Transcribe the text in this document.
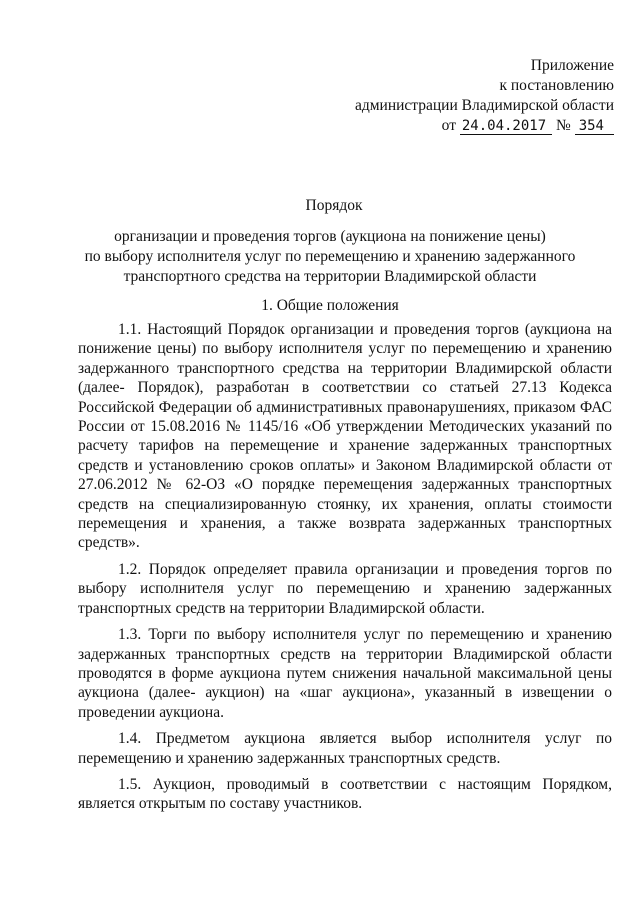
Приложение
к постановлению
администрации Владимирской области
от 24.04.2017 № 354
Порядок
организации и проведения торгов (аукциона на понижение цены)
по выбору исполнителя услуг по перемещению и хранению задержанного
транспортного средства на территории Владимирской области
1. Общие положения

1.1. Настоящий Порядок организации и проведения торгов (аукциона на понижение цены) по выбору исполнителя услуг по перемещению и хранению задержанного транспортного средства на территории Владимирской области (далее- Порядок), разработан в соответствии со статьей 27.13 Кодекса Российской Федерации об административных правонарушениях, приказом ФАС России от 15.08.2016 № 1145/16 «Об утверждении Методических указаний по расчету тарифов на перемещение и хранение задержанных транспортных средств и установлению сроков оплаты» и Законом Владимирской области от 27.06.2012 № 62-ОЗ «О порядке перемещения задержанных транспортных средств на специализированную стоянку, их хранения, оплаты стоимости перемещения и хранения, а также возврата задержанных транспортных средств».

1.2. Порядок определяет правила организации и проведения торгов по выбору исполнителя услуг по перемещению и хранению задержанных транспортных средств на территории Владимирской области.

1.3. Торги по выбору исполнителя услуг по перемещению и хранению задержанных транспортных средств на территории Владимирской области проводятся в форме аукциона путем снижения начальной максимальной цены аукциона (далее- аукцион) на «шаг аукциона», указанный в извещении о проведении аукциона.

1.4. Предметом аукциона является выбор исполнителя услуг по перемещению и хранению задержанных транспортных средств.

1.5. Аукцион, проводимый в соответствии с настоящим Порядком, является открытым по составу участников.
